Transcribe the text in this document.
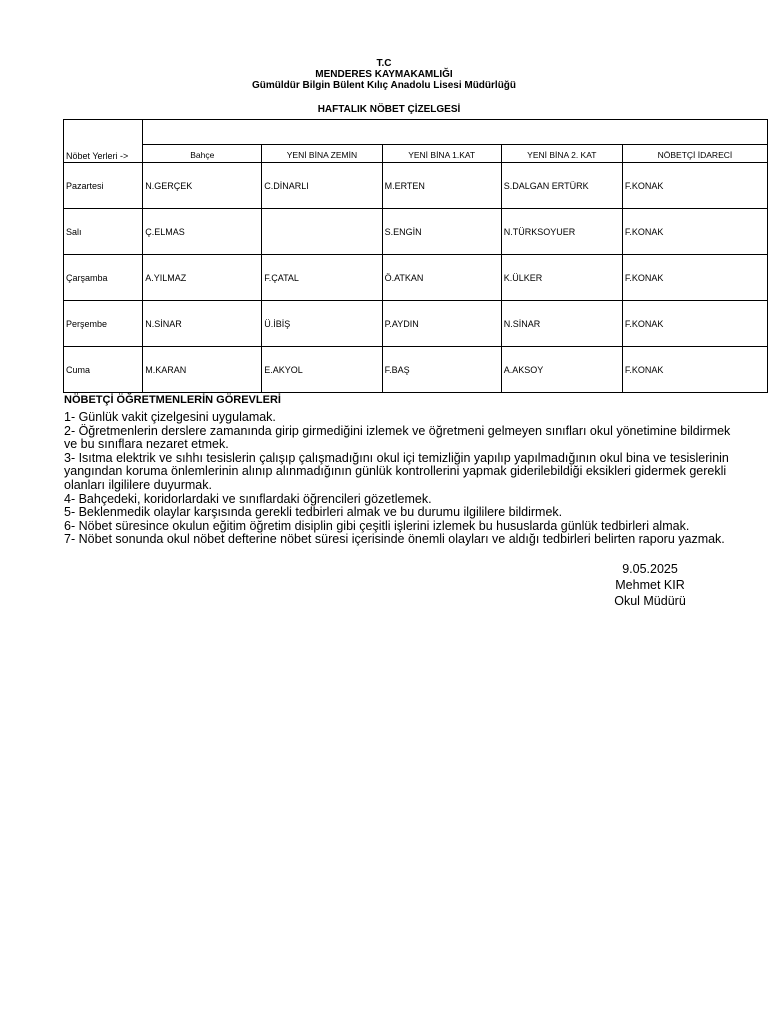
T.C
MENDERES KAYMAKAMLIĞI
Gümüldür Bilgin Bülent Kılıç Anadolu Lisesi Müdürlüğü
HAFTALIK NÖBET ÇİZELGESİ

Nöbet Yerleri ->	Bahçe	YENİ BİNA ZEMİN	YENİ BİNA 1.KAT	YENİ BİNA 2. KAT	NÖBETÇİ İDARECİ
Pazartesi	N.GERÇEK	C.DİNARLI	M.ERTEN	S.DALGAN ERTÜRK	F.KONAK
Salı	Ç.ELMAS		S.ENGİN	N.TÜRKSOYUER	F.KONAK
Çarşamba	A.YILMAZ	F.ÇATAL	Ö.ATKAN	K.ÜLKER	F.KONAK
Perşembe	N.SİNAR	Ü.İBİŞ	P.AYDIN	N.SİNAR	F.KONAK
Cuma	M.KARAN	E.AKYOL	F.BAŞ	A.AKSOY	F.KONAK
NÖBETÇİ ÖĞRETMENLERİN GÖREVLERİ
1- Günlük vakit çizelgesini uygulamak.
2- Öğretmenlerin derslere zamanında girip girmediğini izlemek ve öğretmeni gelmeyen sınıfları okul yönetimine bildirmek
ve bu sınıflara nezaret etmek.
3- Isıtma elektrik ve sıhhı tesislerin çalışıp çalışmadığını okul içi temizliğin yapılıp yapılmadığının okul bina ve tesislerinin
yangından koruma önlemlerinin alınıp alınmadığının günlük kontrollerini yapmak giderilebildiği eksikleri gidermek gerekli
olanları ilgililere duyurmak.
4- Bahçedeki, koridorlardaki ve sınıflardaki öğrencileri gözetlemek.
5- Beklenmedik olaylar karşısında gerekli tedbirleri almak ve bu durumu ilgililere bildirmek.
6- Nöbet süresince okulun eğitim öğretim disiplin gibi çeşitli işlerini izlemek bu hususlarda günlük tedbirleri almak.
7- Nöbet sonunda okul nöbet defterine nöbet süresi içerisinde önemli olayları ve aldığı tedbirleri belirten raporu yazmak.
9.05.2025
Mehmet KIR
Okul Müdürü
